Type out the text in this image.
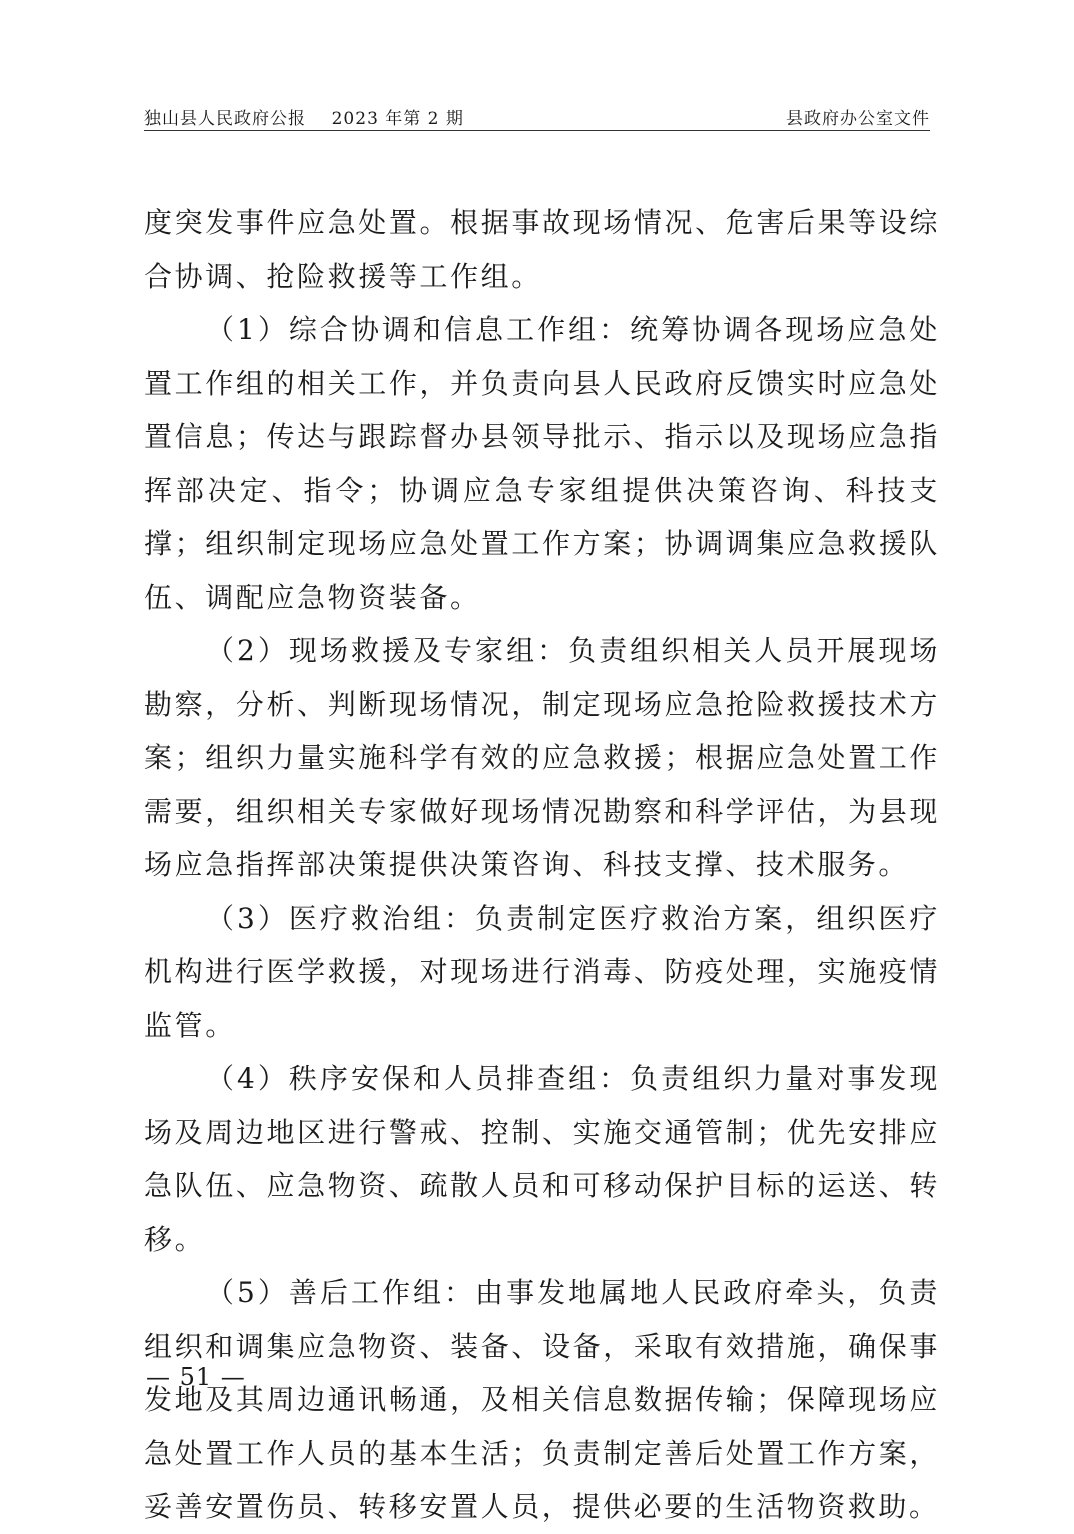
独山县人民政府公报    2023 年第 2 期	县政府办公室文件

度突发事件应急处置。根据事故现场情况、危害后果等设综合协调、抢险救援等工作组。

（1）综合协调和信息工作组：统筹协调各现场应急处置工作组的相关工作，并负责向县人民政府反馈实时应急处置信息；传达与跟踪督办县领导批示、指示以及现场应急指挥部决定、指令；协调应急专家组提供决策咨询、科技支撑；组织制定现场应急处置工作方案；协调调集应急救援队伍、调配应急物资装备。

（2）现场救援及专家组：负责组织相关人员开展现场勘察，分析、判断现场情况，制定现场应急抢险救援技术方案；组织力量实施科学有效的应急救援；根据应急处置工作需要，组织相关专家做好现场情况勘察和科学评估，为县现场应急指挥部决策提供决策咨询、科技支撑、技术服务。

（3）医疗救治组：负责制定医疗救治方案，组织医疗机构进行医学救援，对现场进行消毒、防疫处理，实施疫情监管。

（4）秩序安保和人员排查组：负责组织力量对事发现场及周边地区进行警戒、控制、实施交通管制；优先安排应急队伍、应急物资、疏散人员和可移动保护目标的运送、转移。

（5）善后工作组：由事发地属地人民政府牵头，负责组织和调集应急物资、装备、设备，采取有效措施，确保事发地及其周边通讯畅通，及相关信息数据传输；保障现场应急处置工作人员的基本生活；负责制定善后处置工作方案，妥善安置伤员、转移安置人员，提供必要的生活物资救助。

— 51 —
